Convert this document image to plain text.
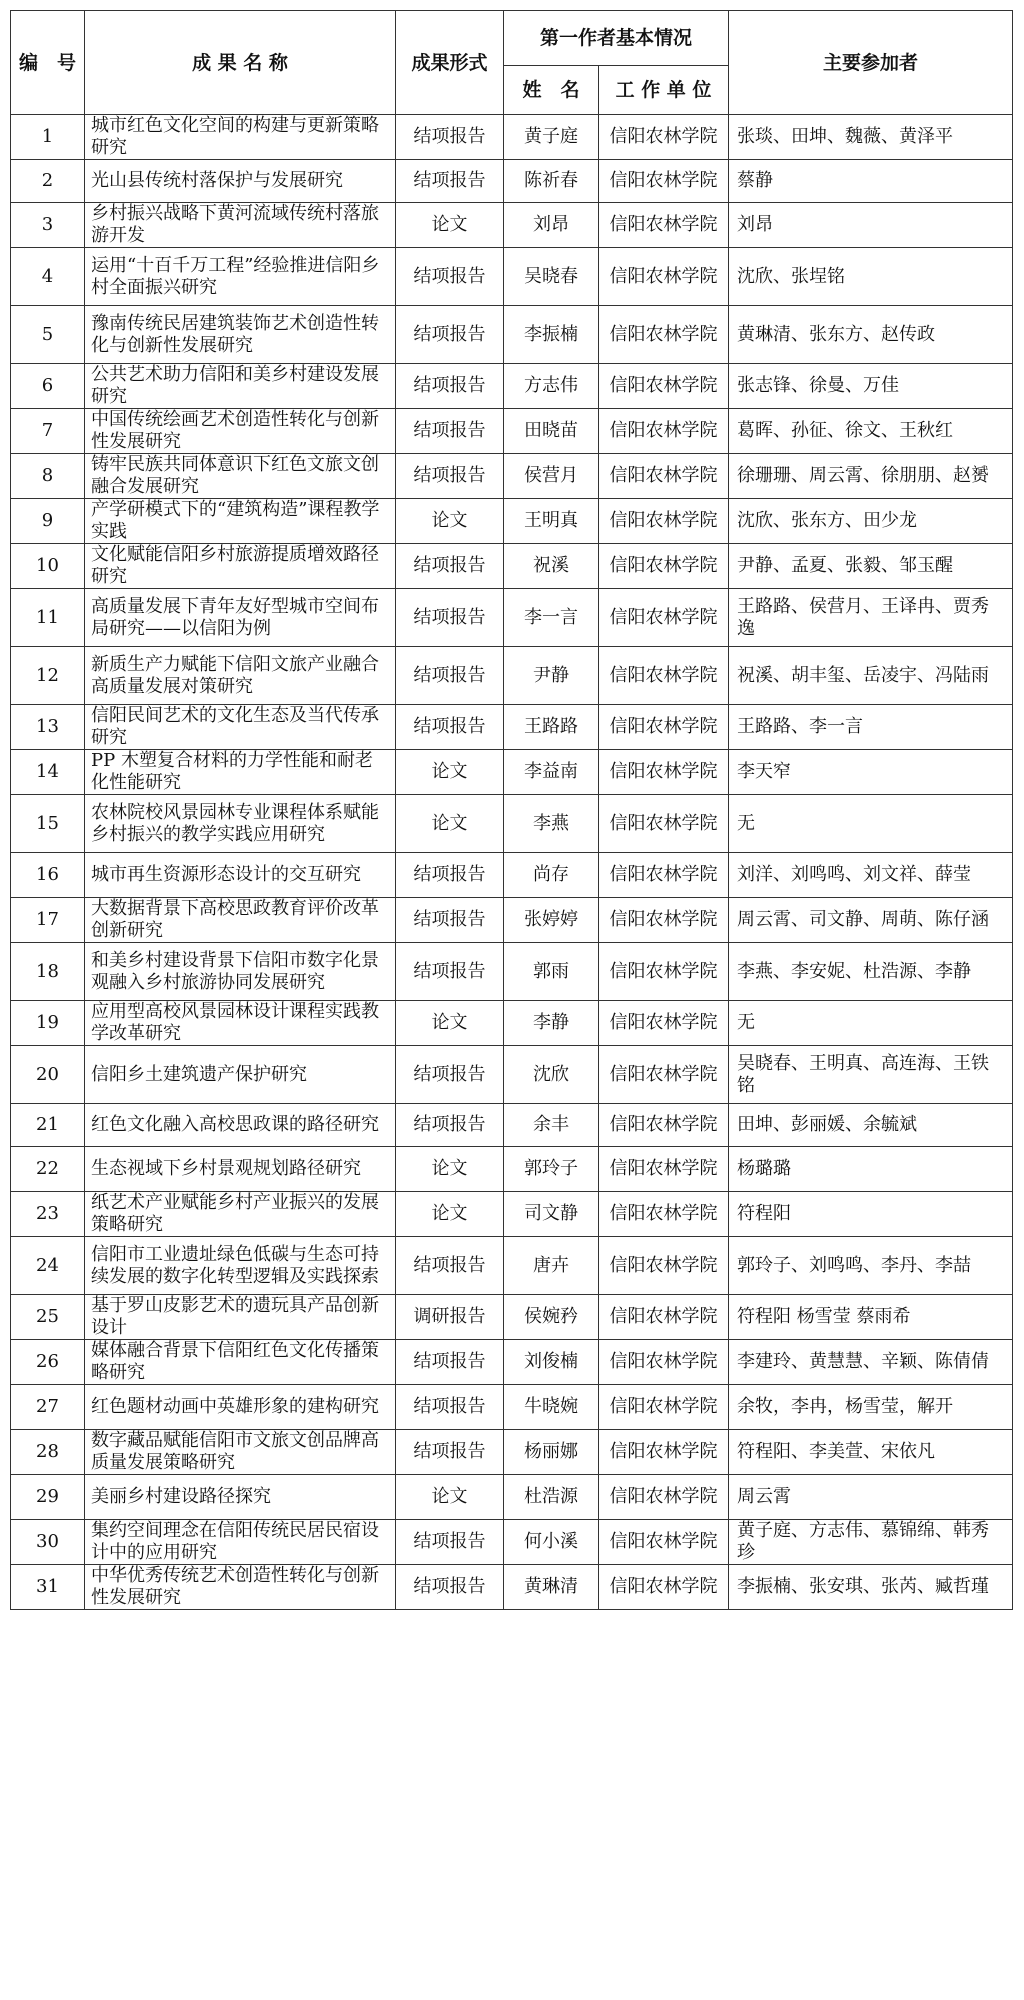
编　号	成 果 名 称	成果形式	第一作者基本情况		主要参加者
			姓　名	工 作 单 位	
1	城市红色文化空间的构建与更新策略研究	结项报告	黄子庭	信阳农林学院	张琰、田坤、魏薇、黄泽平
2	光山县传统村落保护与发展研究	结项报告	陈祈春	信阳农林学院	蔡静
3	乡村振兴战略下黄河流域传统村落旅游开发	论文	刘昂	信阳农林学院	刘昂
4	运用“十百千万工程”经验推进信阳乡村全面振兴研究	结项报告	吴晓春	信阳农林学院	沈欣、张埕铭
5	豫南传统民居建筑装饰艺术创造性转化与创新性发展研究	结项报告	李振楠	信阳农林学院	黄琳清、张东方、赵传政
6	公共艺术助力信阳和美乡村建设发展研究	结项报告	方志伟	信阳农林学院	张志锋、徐曼、万佳
7	中国传统绘画艺术创造性转化与创新性发展研究	结项报告	田晓苗	信阳农林学院	葛晖、孙征、徐文、王秋红
8	铸牢民族共同体意识下红色文旅文创融合发展研究	结项报告	侯营月	信阳农林学院	徐珊珊、周云霄、徐朋朋、赵赟
9	产学研模式下的“建筑构造”课程教学实践	论文	王明真	信阳农林学院	沈欣、张东方、田少龙
10	文化赋能信阳乡村旅游提质增效路径研究	结项报告	祝溪	信阳农林学院	尹静、孟夏、张毅、邹玉醒
11	高质量发展下青年友好型城市空间布局研究——以信阳为例	结项报告	李一言	信阳农林学院	王路路、侯营月、王译冉、贾秀逸
12	新质生产力赋能下信阳文旅产业融合高质量发展对策研究	结项报告	尹静	信阳农林学院	祝溪、胡丰玺、岳凌宇、冯陆雨
13	信阳民间艺术的文化生态及当代传承研究	结项报告	王路路	信阳农林学院	王路路、李一言
14	PP 木塑复合材料的力学性能和耐老化性能研究	论文	李益南	信阳农林学院	李天窄
15	农林院校风景园林专业课程体系赋能乡村振兴的教学实践应用研究	论文	李燕	信阳农林学院	无
16	城市再生资源形态设计的交互研究	结项报告	尚存	信阳农林学院	刘洋、刘鸣鸣、刘文祥、薛莹
17	大数据背景下高校思政教育评价改革创新研究	结项报告	张婷婷	信阳农林学院	周云霄、司文静、周萌、陈仔涵
18	和美乡村建设背景下信阳市数字化景观融入乡村旅游协同发展研究	结项报告	郭雨	信阳农林学院	李燕、李安妮、杜浩源、李静
19	应用型高校风景园林设计课程实践教学改革研究	论文	李静	信阳农林学院	无
20	信阳乡土建筑遗产保护研究	结项报告	沈欣	信阳农林学院	吴晓春、王明真、高连海、王铁铭
21	红色文化融入高校思政课的路径研究	结项报告	余丰	信阳农林学院	田坤、彭丽媛、余毓斌
22	生态视域下乡村景观规划路径研究	论文	郭玲子	信阳农林学院	杨璐璐
23	纸艺术产业赋能乡村产业振兴的发展策略研究	论文	司文静	信阳农林学院	符程阳
24	信阳市工业遗址绿色低碳与生态可持续发展的数字化转型逻辑及实践探索	结项报告	唐卉	信阳农林学院	郭玲子、刘鸣鸣、李丹、李喆
25	基于罗山皮影艺术的遗玩具产品创新设计	调研报告	侯婉矜	信阳农林学院	符程阳 杨雪莹 蔡雨希
26	媒体融合背景下信阳红色文化传播策略研究	结项报告	刘俊楠	信阳农林学院	李建玲、黄慧慧、辛颖、陈倩倩
27	红色题材动画中英雄形象的建构研究	结项报告	牛晓婉	信阳农林学院	余牧，李冉，杨雪莹，解开
28	数字藏品赋能信阳市文旅文创品牌高质量发展策略研究	结项报告	杨丽娜	信阳农林学院	符程阳、李美萱、宋依凡
29	美丽乡村建设路径探究	论文	杜浩源	信阳农林学院	周云霄
30	集约空间理念在信阳传统民居民宿设计中的应用研究	结项报告	何小溪	信阳农林学院	黄子庭、方志伟、慕锦绵、韩秀珍
31	中华优秀传统艺术创造性转化与创新性发展研究	结项报告	黄琳清	信阳农林学院	李振楠、张安琪、张芮、臧哲瑾
